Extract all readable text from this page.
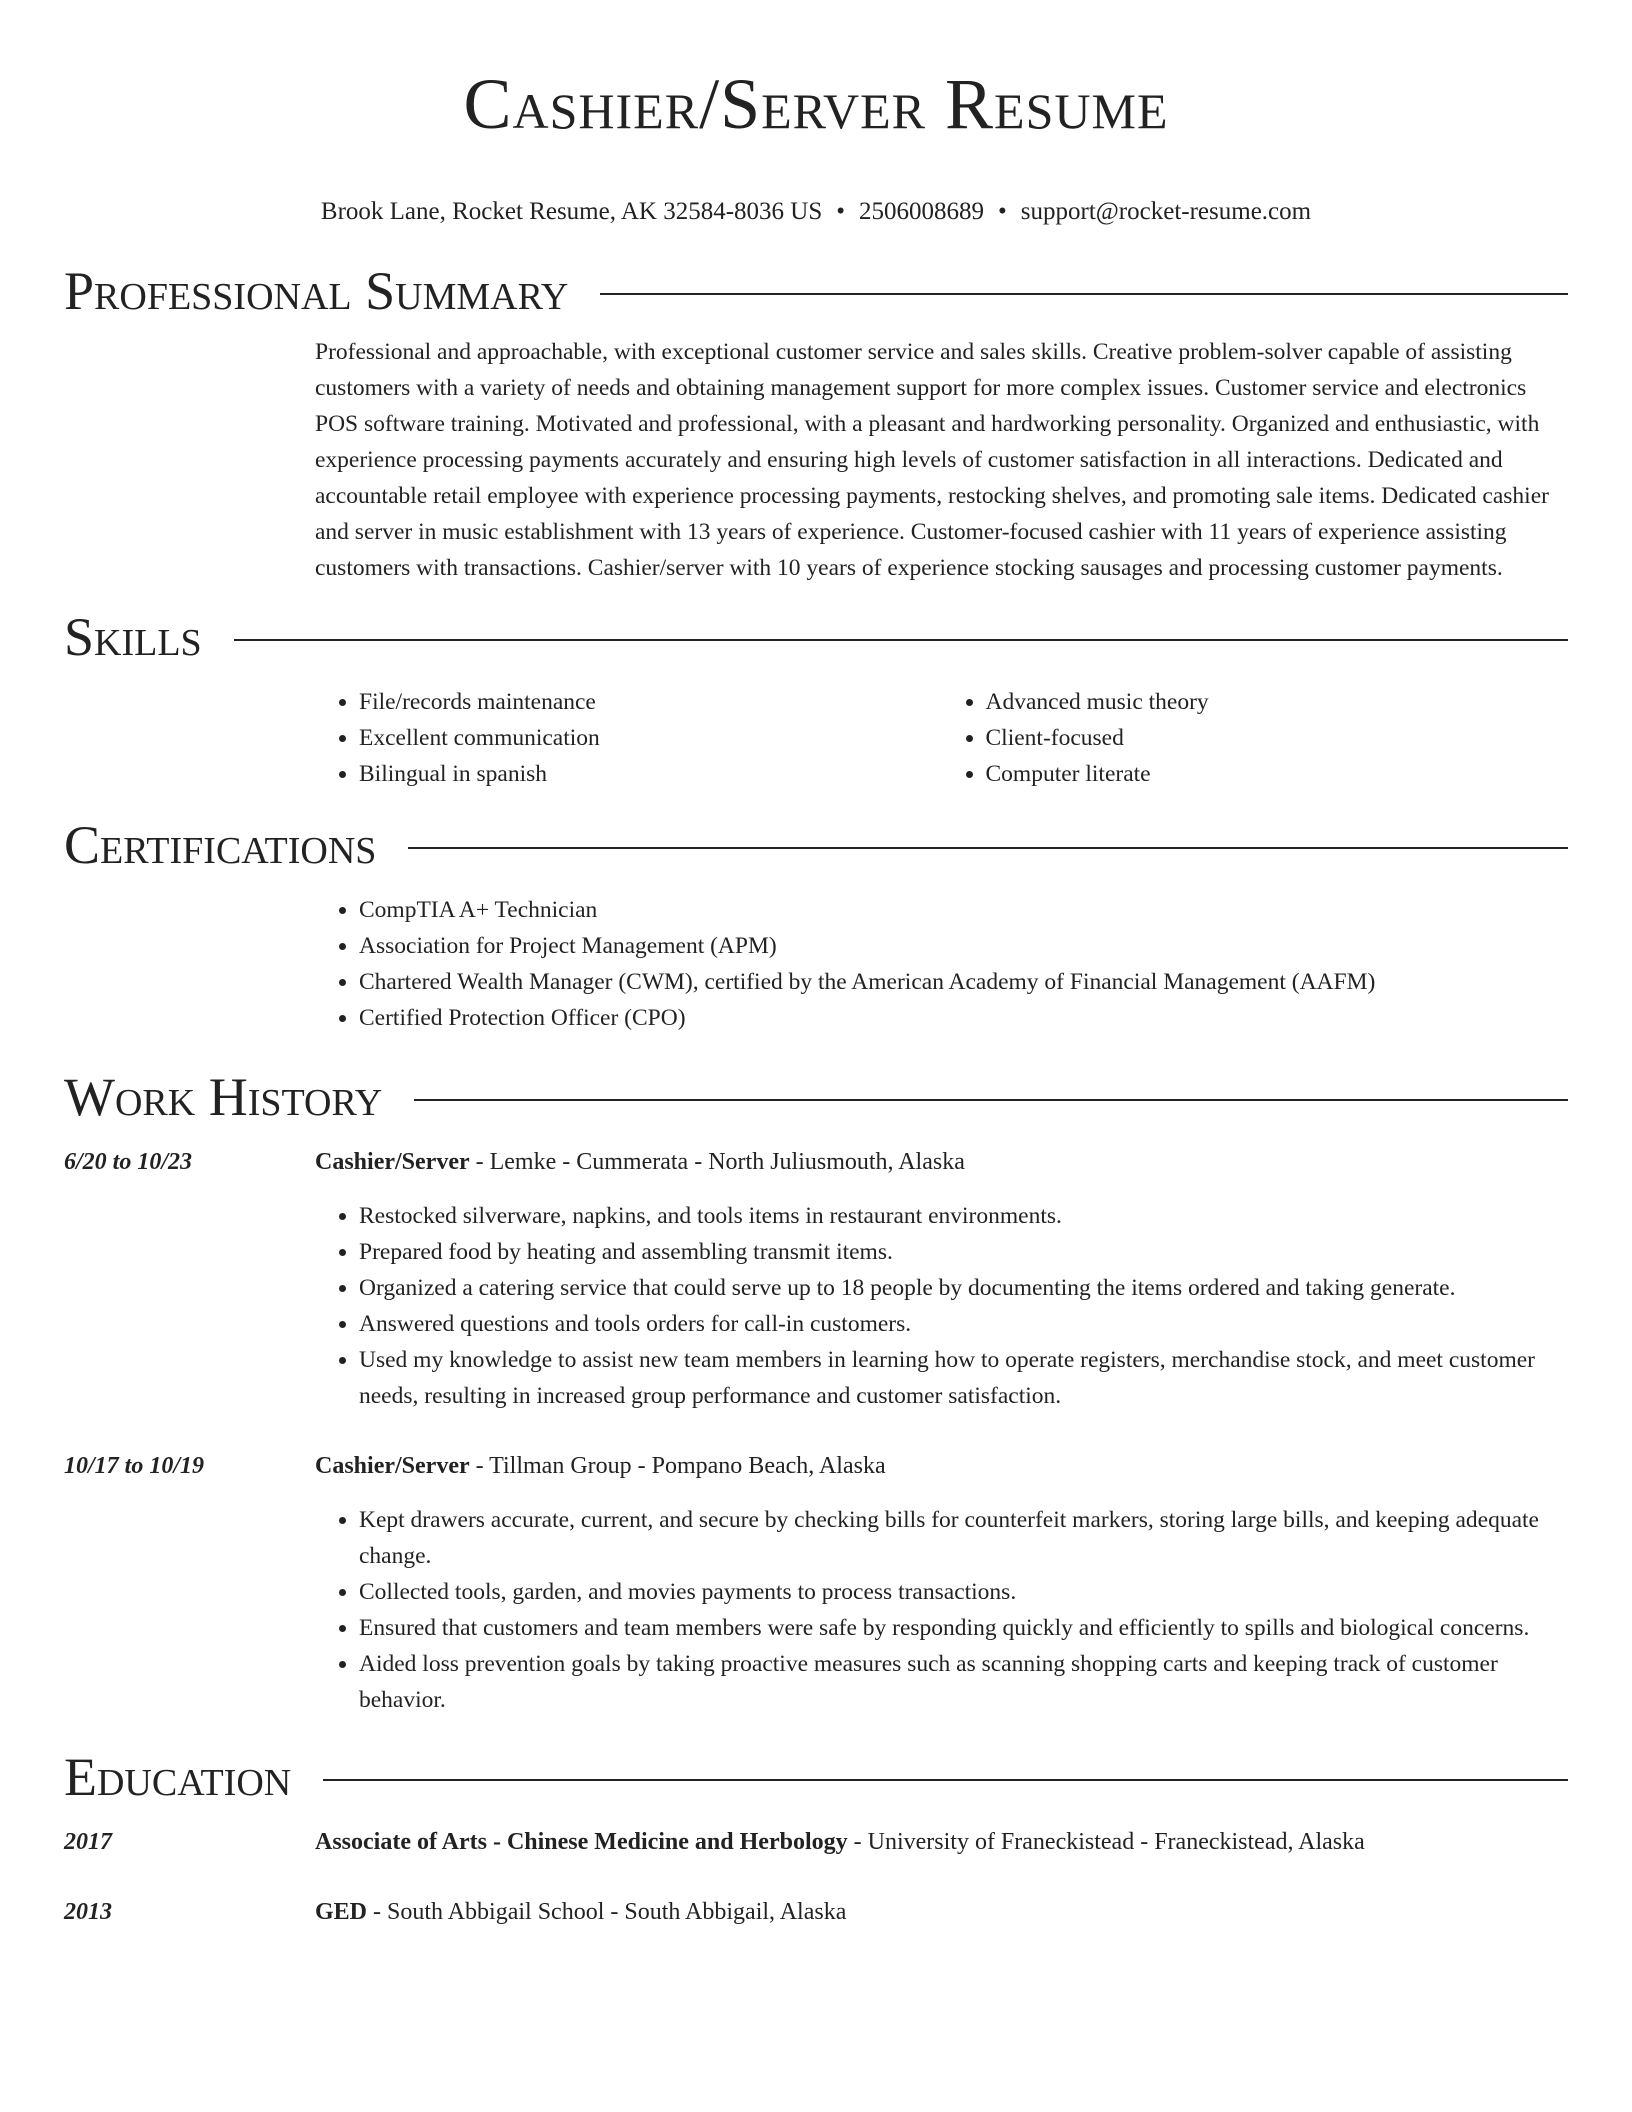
Cashier/Server Resume
Brook Lane, Rocket Resume, AK 32584-8036 US • 2506008689 • support@rocket-resume.com
Professional Summary

Professional and approachable, with exceptional customer service and sales skills. Creative problem-solver capable of assisting customers with a variety of needs and obtaining management support for more complex issues. Customer service and electronics POS software training. Motivated and professional, with a pleasant and hardworking personality. Organized and enthusiastic, with experience processing payments accurately and ensuring high levels of customer satisfaction in all interactions. Dedicated and accountable retail employee with experience processing payments, restocking shelves, and promoting sale items. Dedicated cashier and server in music establishment with 13 years of experience. Customer-focused cashier with 11 years of experience assisting customers with transactions. Cashier/server with 10 years of experience stocking sausages and processing customer payments.

Skills
• File/records maintenance
• Excellent communication
• Bilingual in spanish
• Advanced music theory
• Client-focused
• Computer literate
Certifications
• CompTIA A+ Technician
• Association for Project Management (APM)
• Chartered Wealth Manager (CWM), certified by the American Academy of Financial Management (AAFM)
• Certified Protection Officer (CPO)
Work History
6/20 to 10/23	Cashier/Server - Lemke - Cummerata - North Juliusmouth, Alaska
• Restocked silverware, napkins, and tools items in restaurant environments.
• Prepared food by heating and assembling transmit items.
• Organized a catering service that could serve up to 18 people by documenting the items ordered and taking generate.
• Answered questions and tools orders for call-in customers.
• Used my knowledge to assist new team members in learning how to operate registers, merchandise stock, and meet customer needs, resulting in increased group performance and customer satisfaction.
10/17 to 10/19	Cashier/Server - Tillman Group - Pompano Beach, Alaska
• Kept drawers accurate, current, and secure by checking bills for counterfeit markers, storing large bills, and keeping adequate change.
• Collected tools, garden, and movies payments to process transactions.
• Ensured that customers and team members were safe by responding quickly and efficiently to spills and biological concerns.
• Aided loss prevention goals by taking proactive measures such as scanning shopping carts and keeping track of customer behavior.
Education
2017	Associate of Arts - Chinese Medicine and Herbology - University of Franeckistead - Franeckistead, Alaska
2013	GED - South Abbigail School - South Abbigail, Alaska
